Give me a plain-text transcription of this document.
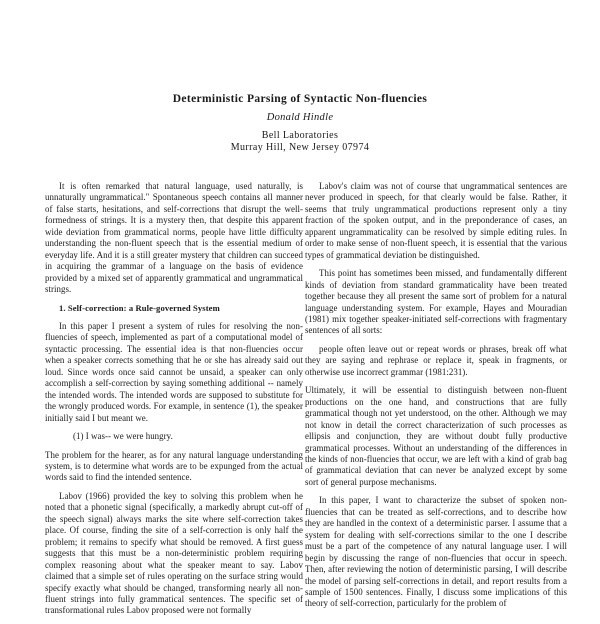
Deterministic Parsing of Syntactic Non-fluencies

Donald Hindle

Bell Laboratories

Murray Hill, New Jersey 07974

It is often remarked that natural language, used naturally, is unnaturally ungrammatical." Spontaneous speech contains all manner of false starts, hesitations, and self-corrections that disrupt the well-formedness of strings. It is a mystery then, that despite this apparent wide deviation from grammatical norms, people have little difficulty understanding the non-fluent speech that is the essential medium of everyday life. And it is a still greater mystery that children can succeed in acquiring the grammar of a language on the basis of evidence provided by a mixed set of apparently grammatical and ungrammatical strings.

1. Self-correction: a Rule-governed System

In this paper I present a system of rules for resolving the non-fluencies of speech, implemented as part of a computational model of syntactic processing. The essential idea is that non-fluencies occur when a speaker corrects something that he or she has already said out loud. Since words once said cannot be unsaid, a speaker can only accomplish a self-correction by saying something additional -- namely the intended words. The intended words are supposed to substitute for the wrongly produced words. For example, in sentence (1), the speaker initially said I but meant we.

(1) I was-- we were hungry.

The problem for the hearer, as for any natural language understanding system, is to determine what words are to be expunged from the actual words said to find the intended sentence.

Labov (1966) provided the key to solving this problem when he noted that a phonetic signal (specifically, a markedly abrupt cut-off of the speech signal) always marks the site where self-correction takes place. Of course, finding the site of a self-correction is only half the problem; it remains to specify what should be removed. A first guess suggests that this must be a non-deterministic problem requiring complex reasoning about what the speaker meant to say. Labov claimed that a simple set of rules operating on the surface string would specify exactly what should be changed, transforming nearly all non-fluent strings into fully grammatical sentences. The specific set of transformational rules Labov proposed were not formally

Labov's claim was not of course that ungrammatical sentences are never produced in speech, for that clearly would be false. Rather, it seems that truly ungrammatical productions represent only a tiny fraction of the spoken output, and in the preponderance of cases, an apparent ungrammaticality can be resolved by simple editing rules. In order to make sense of non-fluent speech, it is essential that the various types of grammatical deviation be distinguished.

This point has sometimes been missed, and fundamentally different kinds of deviation from standard grammaticality have been treated together because they all present the same sort of problem for a natural language understanding system. For example, Hayes and Mouradian (1981) mix together speaker-initiated self-corrections with fragmentary sentences of all sorts:

people often leave out or repeat words or phrases, break off what they are saying and rephrase or replace it, speak in fragments, or otherwise use incorrect grammar (1981:231).

Ultimately, it will be essential to distinguish between non-fluent productions on the one hand, and constructions that are fully grammatical though not yet understood, on the other. Although we may not know in detail the correct characterization of such processes as ellipsis and conjunction, they are without doubt fully productive grammatical processes. Without an understanding of the differences in the kinds of non-fluencies that occur, we are left with a kind of grab bag of grammatical deviation that can never be analyzed except by some sort of general purpose mechanisms.

In this paper, I want to characterize the subset of spoken non-fluencies that can be treated as self-corrections, and to describe how they are handled in the context of a deterministic parser. I assume that a system for dealing with self-corrections similar to the one I describe must be a part of the competence of any natural language user. I will begin by discussing the range of non-fluencies that occur in speech. Then, after reviewing the notion of deterministic parsing, I will describe the model of parsing self-corrections in detail, and report results from a sample of 1500 sentences. Finally, I discuss some implications of this theory of self-correction, particularly for the problem of
